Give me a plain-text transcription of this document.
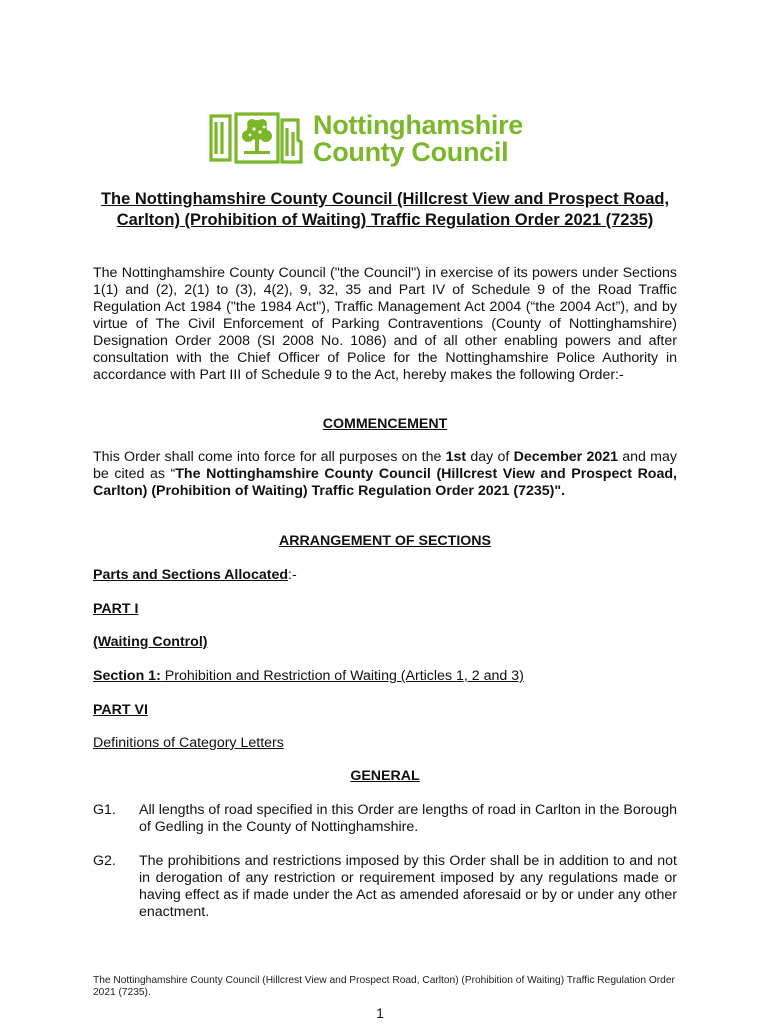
Nottinghamshire
County Council
The Nottinghamshire County Council (Hillcrest View and Prospect Road, Carlton) (Prohibition of Waiting) Traffic Regulation Order 2021 (7235)
The Nottinghamshire County Council ("the Council") in exercise of its powers under Sections 1(1) and (2), 2(1) to (3), 4(2), 9, 32, 35 and Part IV of Schedule 9 of the Road Traffic Regulation Act 1984 ("the 1984 Act"), Traffic Management Act 2004 (“the 2004 Act”), and by virtue of The Civil Enforcement of Parking Contraventions (County of Nottinghamshire) Designation Order 2008 (SI 2008 No. 1086) and of all other enabling powers and after consultation with the Chief Officer of Police for the Nottinghamshire Police Authority in accordance with Part III of Schedule 9 to the Act, hereby makes the following Order:-
COMMENCEMENT
This Order shall come into force for all purposes on the 1st day of December 2021 and may be cited as “The Nottinghamshire County Council (Hillcrest View and Prospect Road, Carlton) (Prohibition of Waiting) Traffic Regulation Order 2021 (7235)".
ARRANGEMENT OF SECTIONS
Parts and Sections Allocated:-
PART I
(Waiting Control)
Section 1: Prohibition and Restriction of Waiting (Articles 1, 2 and 3)
PART VI
Definitions of Category Letters
GENERAL
G1. All lengths of road specified in this Order are lengths of road in Carlton in the Borough of Gedling in the County of Nottinghamshire.
G2. The prohibitions and restrictions imposed by this Order shall be in addition to and not in derogation of any restriction or requirement imposed by any regulations made or having effect as if made under the Act as amended aforesaid or by or under any other enactment.
The Nottinghamshire County Council (Hillcrest View and Prospect Road, Carlton) (Prohibition of Waiting) Traffic Regulation Order 2021 (7235).
1
